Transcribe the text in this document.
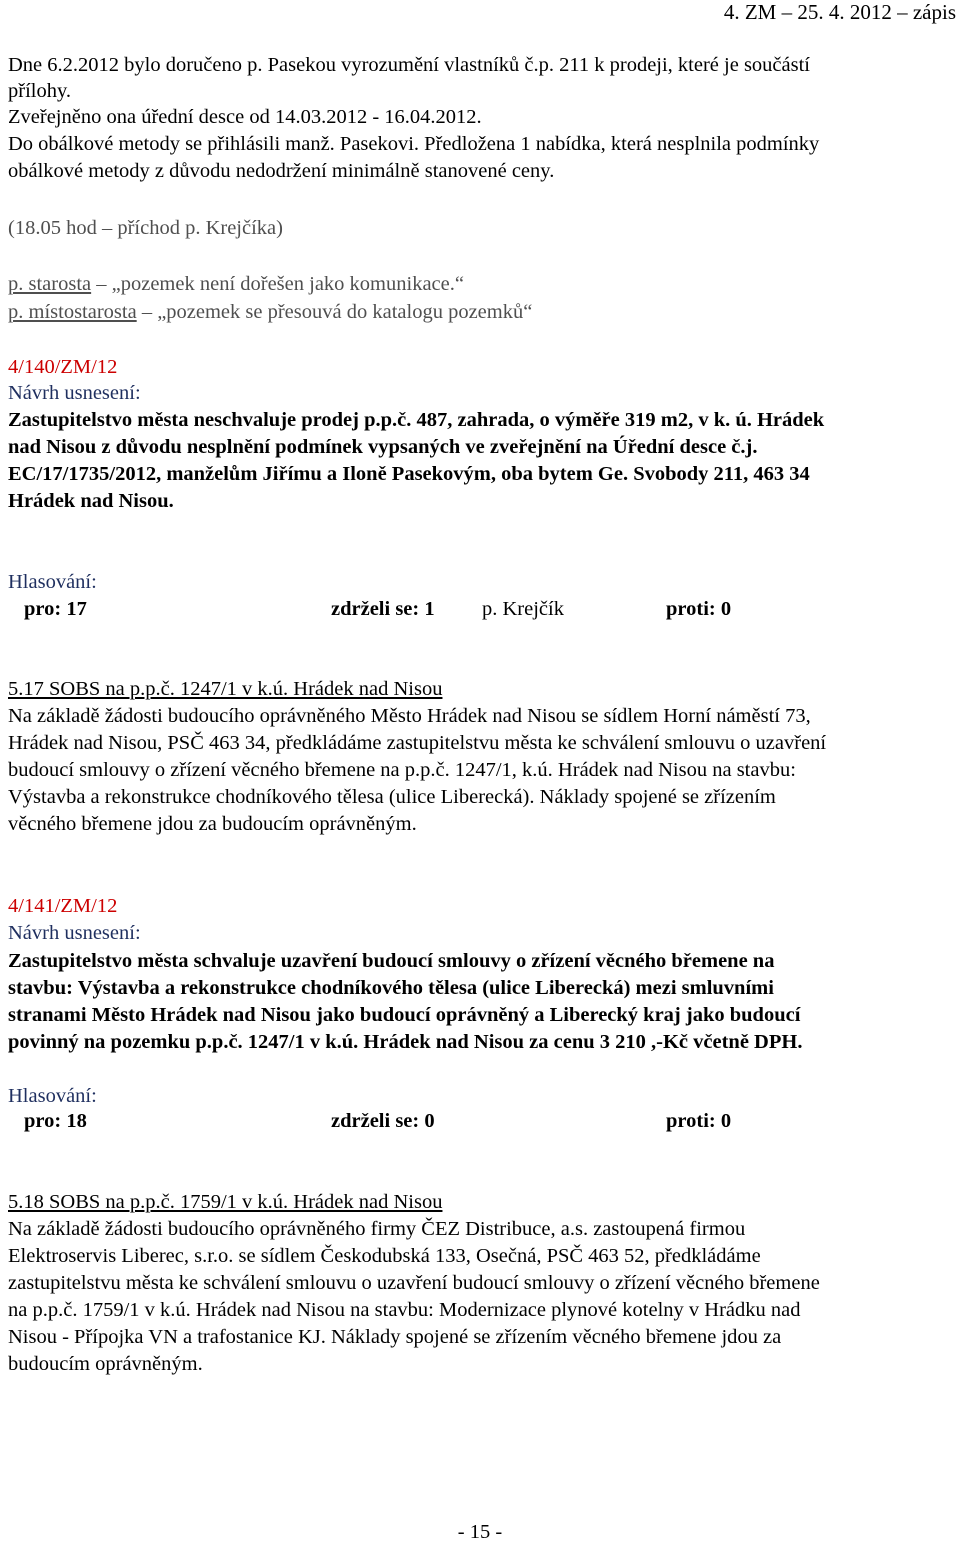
4. ZM – 25. 4. 2012 – zápis
Dne 6.2.2012 bylo doručeno p. Pasekou vyrozumění vlastníků č.p. 211 k prodeji, které je součástí
přílohy.
Zveřejněno ona úřední desce od 14.03.2012 - 16.04.2012.
Do obálkové metody se přihlásili manž. Pasekovi. Předložena 1 nabídka, která nesplnila podmínky
obálkové metody z důvodu nedodržení minimálně stanovené ceny.
(18.05 hod – příchod p. Krejčíka)
p. starosta – „pozemek není dořešen jako komunikace.“
p. místostarosta – „pozemek se přesouvá do katalogu pozemků“
4/140/ZM/12
Návrh usnesení:
Zastupitelstvo města neschvaluje prodej p.p.č. 487, zahrada, o výměře 319 m2, v k. ú. Hrádek
nad Nisou z důvodu nesplnění podmínek vypsaných ve zveřejnění na Úřední desce č.j.
EC/17/1735/2012, manželům Jiřímu a Iloně Pasekovým, oba bytem Ge. Svobody 211, 463 34
Hrádek nad Nisou.
Hlasování:
pro: 17	zdrželi se: 1 p. Krejčík	proti: 0
5.17 SOBS na p.p.č. 1247/1 v k.ú. Hrádek nad Nisou
Na základě žádosti budoucího oprávněného Město Hrádek nad Nisou se sídlem Horní náměstí 73,
Hrádek nad Nisou, PSČ 463 34, předkládáme zastupitelstvu města ke schválení smlouvu o uzavření
budoucí smlouvy o zřízení věcného břemene na p.p.č. 1247/1, k.ú. Hrádek nad Nisou na stavbu:
Výstavba a rekonstrukce chodníkového tělesa (ulice Liberecká). Náklady spojené se zřízením
věcného břemene jdou za budoucím oprávněným.
4/141/ZM/12
Návrh usnesení:
Zastupitelstvo města schvaluje uzavření budoucí smlouvy o zřízení věcného břemene na
stavbu: Výstavba a rekonstrukce chodníkového tělesa (ulice Liberecká) mezi smluvními
stranami Město Hrádek nad Nisou jako budoucí oprávněný a Liberecký kraj jako budoucí
povinný na pozemku p.p.č. 1247/1 v k.ú. Hrádek nad Nisou za cenu 3 210 ,-Kč včetně DPH.
Hlasování:
pro: 18	zdrželi se: 0	proti: 0
5.18 SOBS na p.p.č. 1759/1 v k.ú. Hrádek nad Nisou
Na základě žádosti budoucího oprávněného firmy ČEZ Distribuce, a.s. zastoupená firmou
Elektroservis Liberec, s.r.o. se sídlem Českodubská 133, Osečná, PSČ 463 52, předkládáme
zastupitelstvu města ke schválení smlouvu o uzavření budoucí smlouvy o zřízení věcného břemene
na p.p.č. 1759/1 v k.ú. Hrádek nad Nisou na stavbu: Modernizace plynové kotelny v Hrádku nad
Nisou - Přípojka VN a trafostanice KJ. Náklady spojené se zřízením věcného břemene jdou za
budoucím oprávněným.
- 15 -
